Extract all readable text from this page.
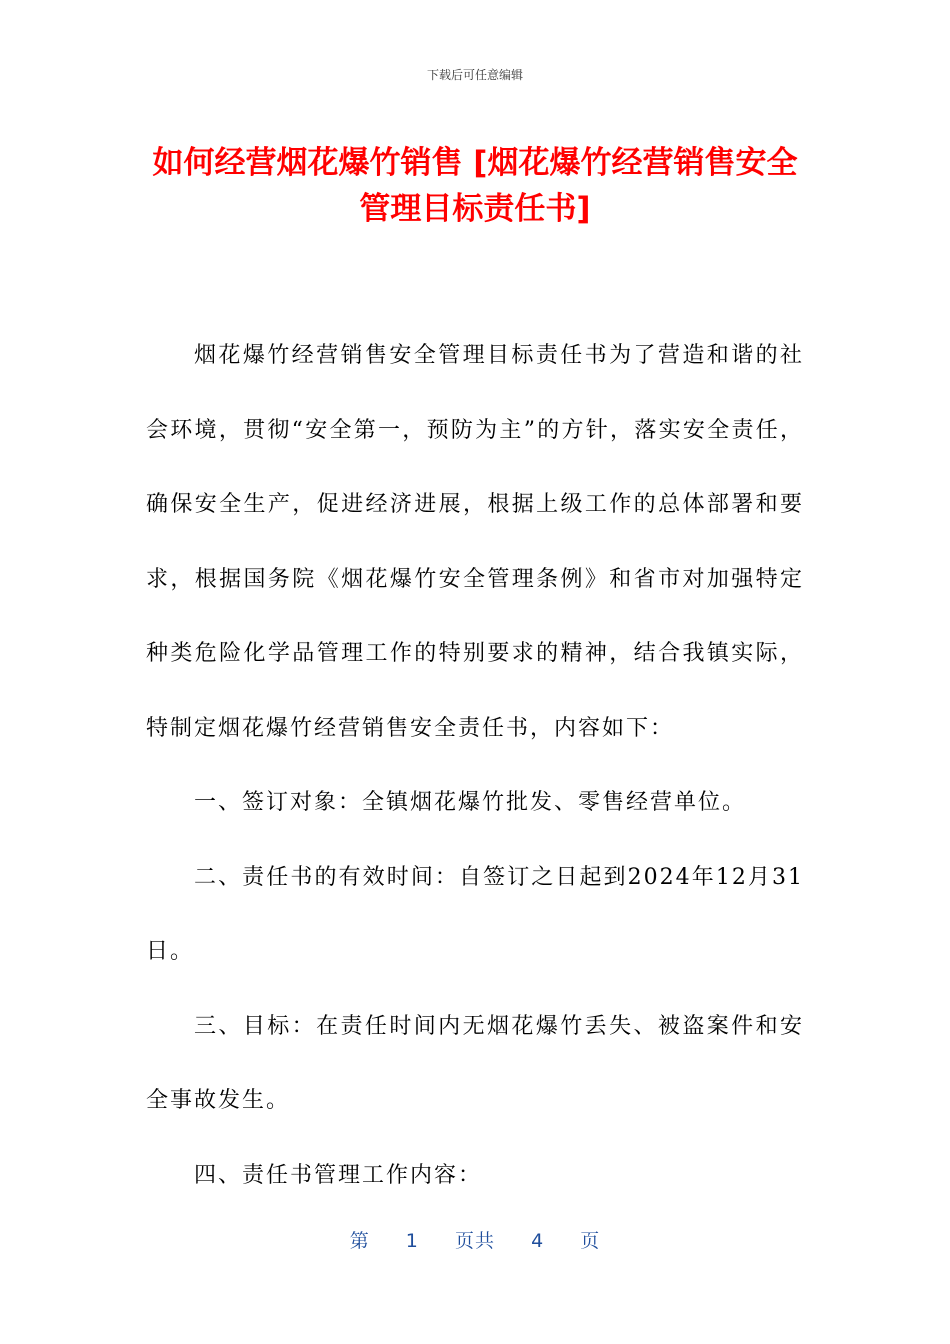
下载后可任意编辑
如何经营烟花爆竹销售 [烟花爆竹经营销售安全管理目标责任书]

烟花爆竹经营销售安全管理目标责任书为了营造和谐的社会环境，贯彻“安全第一，预防为主”的方针，落实安全责任，确保安全生产，促进经济进展，根据上级工作的总体部署和要求，根据国务院《烟花爆竹安全管理条例》和省市对加强特定种类危险化学品管理工作的特别要求的精神，结合我镇实际，特制定烟花爆竹经营销售安全责任书，内容如下：

一、签订对象：全镇烟花爆竹批发、零售经营单位。

二、责任书的有效时间：自签订之日起到2024年12月31日。

三、目标：在责任时间内无烟花爆竹丢失、被盗案件和安全事故发生。

四、责任书管理工作内容：

第 1 页共 4 页
